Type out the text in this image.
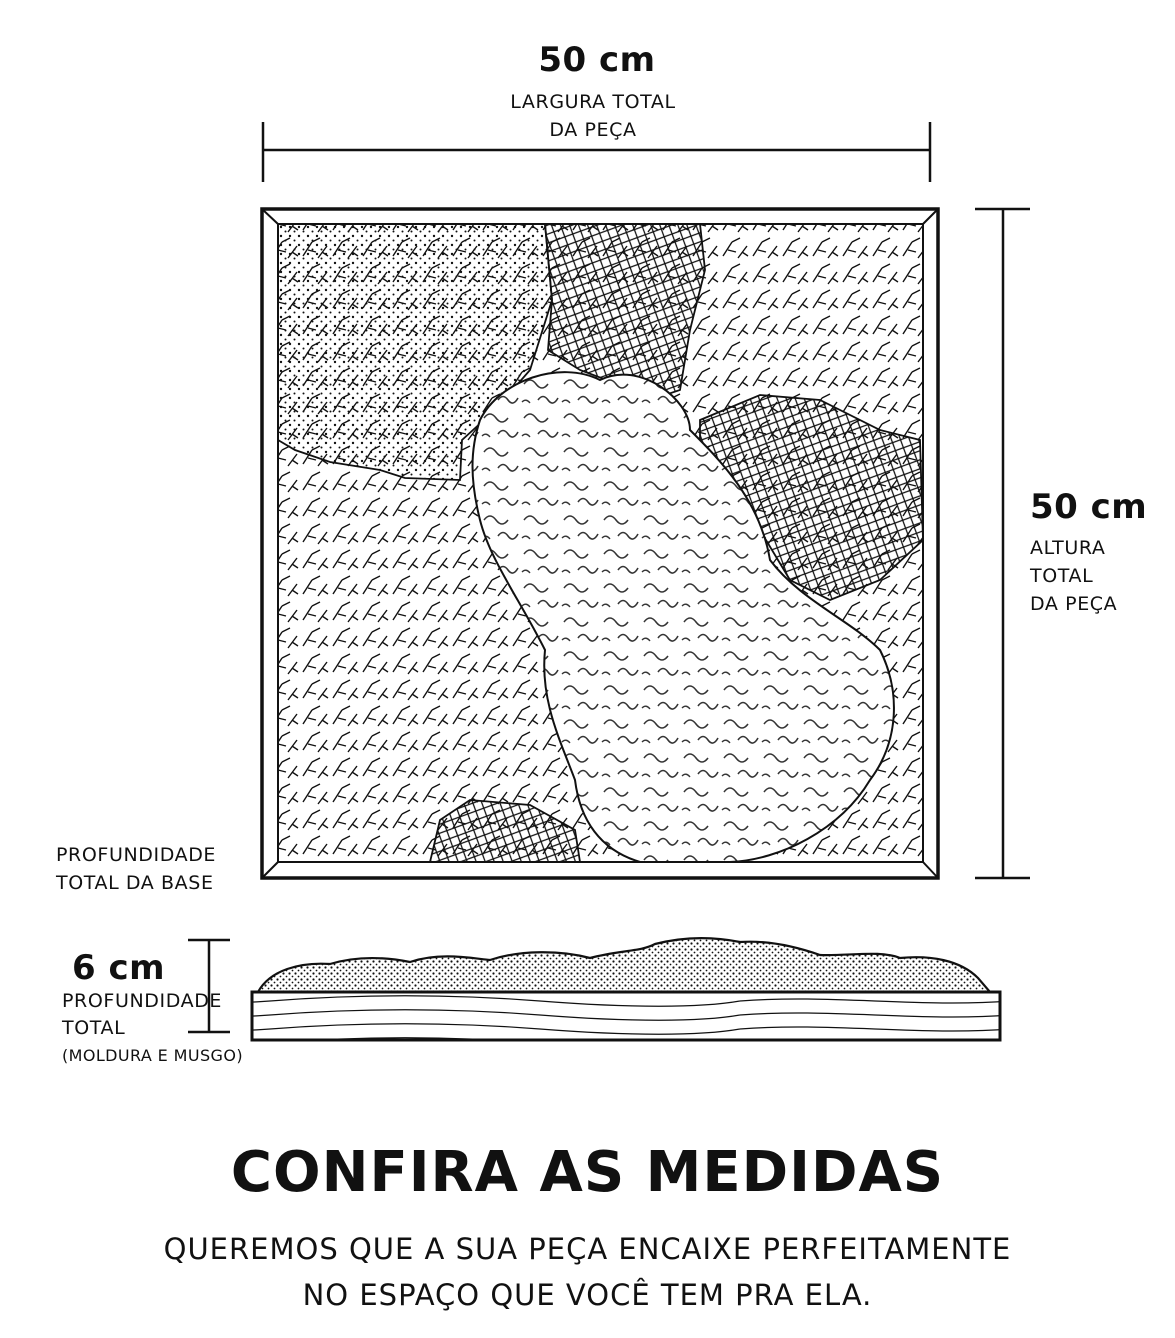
50 cm
LARGURA TOTAL
DA PEÇA
50 cm
ALTURA
TOTAL
DA PEÇA
PROFUNDIDADE
TOTAL DA BASE
6 cm
PROFUNDIDADE
TOTAL
(MOLDURA E MUSGO)
CONFIRA AS MEDIDAS
QUEREMOS QUE A SUA PEÇA ENCAIXE PERFEITAMENTE
NO ESPAÇO QUE VOCÊ TEM PRA ELA.
